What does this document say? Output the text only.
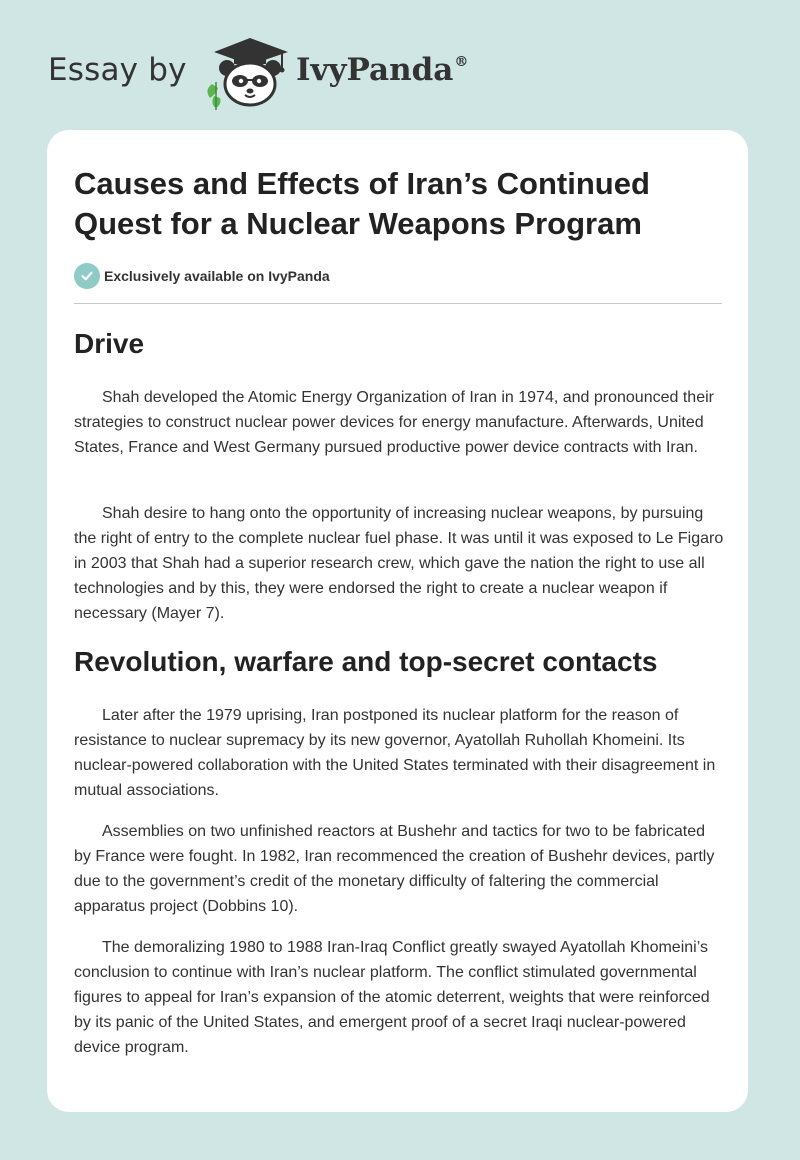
Essay by	IvyPanda®
Causes and Effects of Iran’s Continued Quest for a Nuclear Weapons Program
Exclusively available on IvyPanda
Drive

Shah developed the Atomic Energy Organization of Iran in 1974, and pronounced their strategies to construct nuclear power devices for energy manufacture. Afterwards, United States, France and West Germany pursued productive power device contracts with Iran.

Shah desire to hang onto the opportunity of increasing nuclear weapons, by pursuing the right of entry to the complete nuclear fuel phase. It was until it was exposed to Le Figaro in 2003 that Shah had a superior research crew, which gave the nation the right to use all technologies and by this, they were endorsed the right to create a nuclear weapon if necessary (Mayer 7).

Revolution, warfare and top-secret contacts

Later after the 1979 uprising, Iran postponed its nuclear platform for the reason of resistance to nuclear supremacy by its new governor, Ayatollah Ruhollah Khomeini. Its nuclear-powered collaboration with the United States terminated with their disagreement in mutual associations.

Assemblies on two unfinished reactors at Bushehr and tactics for two to be fabricated by France were fought. In 1982, Iran recommenced the creation of Bushehr devices, partly due to the government’s credit of the monetary difficulty of faltering the commercial apparatus project (Dobbins 10).

The demoralizing 1980 to 1988 Iran-Iraq Conflict greatly swayed Ayatollah Khomeini’s conclusion to continue with Iran’s nuclear platform. The conflict stimulated governmental figures to appeal for Iran’s expansion of the atomic deterrent, weights that were reinforced by its panic of the United States, and emergent proof of a secret Iraqi nuclear-powered device program.
